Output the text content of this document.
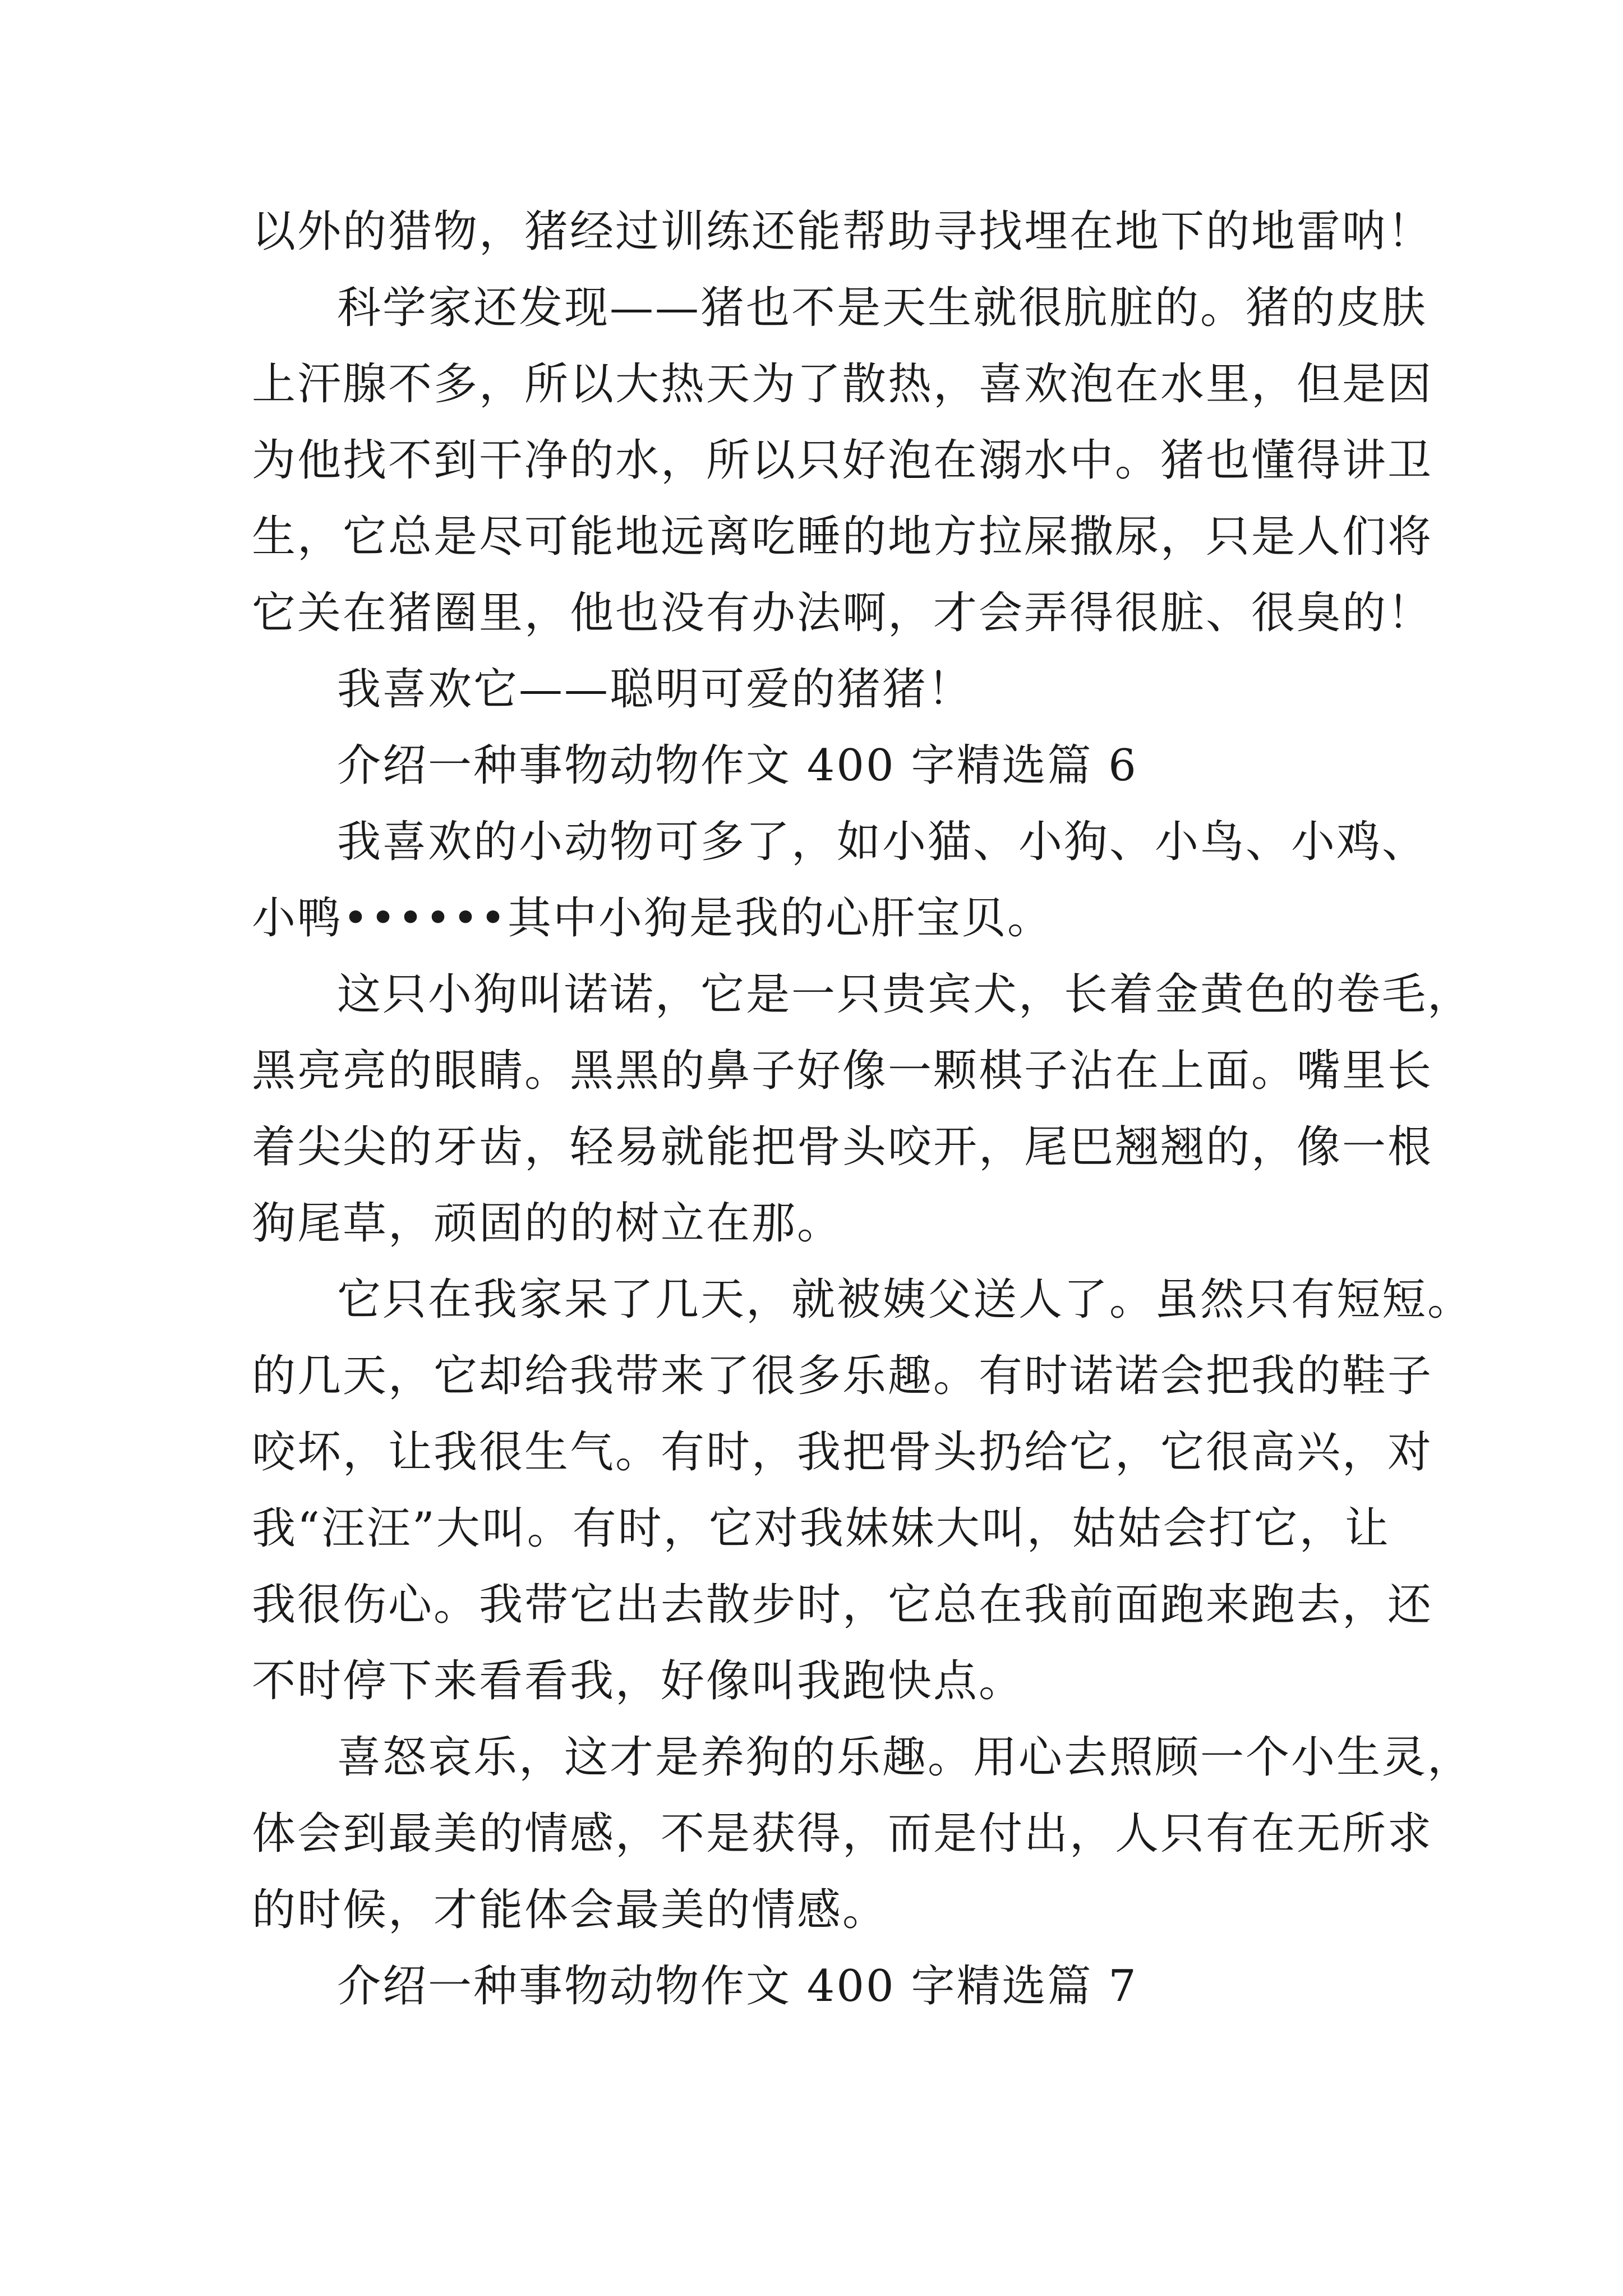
以外的猎物，猪经过训练还能帮助寻找埋在地下的地雷呐！
科学家还发现——猪也不是天生就很肮脏的。猪的皮肤
上汗腺不多，所以大热天为了散热，喜欢泡在水里，但是因
为他找不到干净的水，所以只好泡在溺水中。猪也懂得讲卫
生，它总是尽可能地远离吃睡的地方拉屎撒尿，只是人们将
它关在猪圈里，他也没有办法啊，才会弄得很脏、很臭的！
我喜欢它——聪明可爱的猪猪！
介绍一种事物动物作文 400 字精选篇 6
我喜欢的小动物可多了，如小猫、小狗、小鸟、小鸡、
小鸭••••••其中小狗是我的心肝宝贝。
这只小狗叫诺诺，它是一只贵宾犬，长着金黄色的卷毛，
黑亮亮的眼睛。黑黑的鼻子好像一颗棋子沾在上面。嘴里长
着尖尖的牙齿，轻易就能把骨头咬开，尾巴翘翘的，像一根
狗尾草，顽固的的树立在那。
它只在我家呆了几天，就被姨父送人了。虽然只有短短。
的几天，它却给我带来了很多乐趣。有时诺诺会把我的鞋子
咬坏，让我很生气。有时，我把骨头扔给它，它很高兴，对
我“汪汪”大叫。有时，它对我妹妹大叫，姑姑会打它，让
我很伤心。我带它出去散步时，它总在我前面跑来跑去，还
不时停下来看看我，好像叫我跑快点。
喜怒哀乐，这才是养狗的乐趣。用心去照顾一个小生灵，
体会到最美的情感，不是获得，而是付出，人只有在无所求
的时候，才能体会最美的情感。
介绍一种事物动物作文 400 字精选篇 7
